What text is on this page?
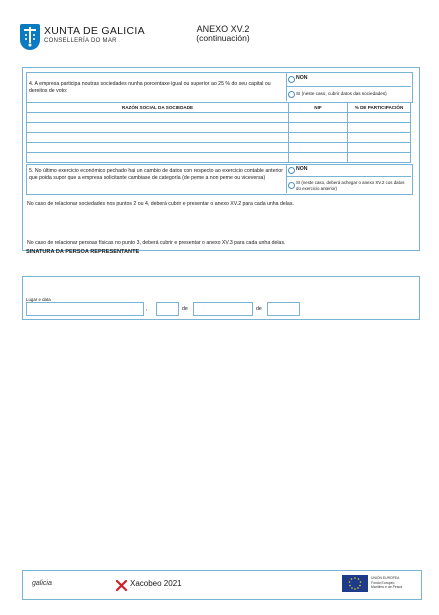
XUNTA DE GALICIA
CONSELLERÍA DO MAR
ANEXO XV.2
(continuación)
4. A empresa participa noutras sociedades nunha porcentaxe igual ou superior ao 25 % do seu capital ou dereitos de voto:
NON
SI (neste caso, cubrir datos das sociedades)
RAZÓN SOCIAL DA SOCIEDADE	NIF	% DE PARTICIPACIÓN

5. No último exercicio económico pechado hai un cambio de datos con respecto ao exercicio contable anterior que poida supor que a empresa solicitante cambiase de categoría (de peme a non peme ou viceversa)
NON
SI (neste caso, deberá achegar o anexo XV.2 cos datos do exercicio anterior)
No caso de relacionar sociedades nos puntos 2 ou 4, deberá cubrir e presentar o anexo XV.2 para cada unha delas.
No caso de relacionar persoas físicas no punto 3, deberá cubrir e presentar o anexo XV.3 para cada unha delas.
SINATURA DA PERSOA REPRESENTANTE
Lugar e data
,	de	de
galicia	Xacobeo 2021
UNIÓN EUROPEA
Fondo Europeo
Marítimo e de Pesca
